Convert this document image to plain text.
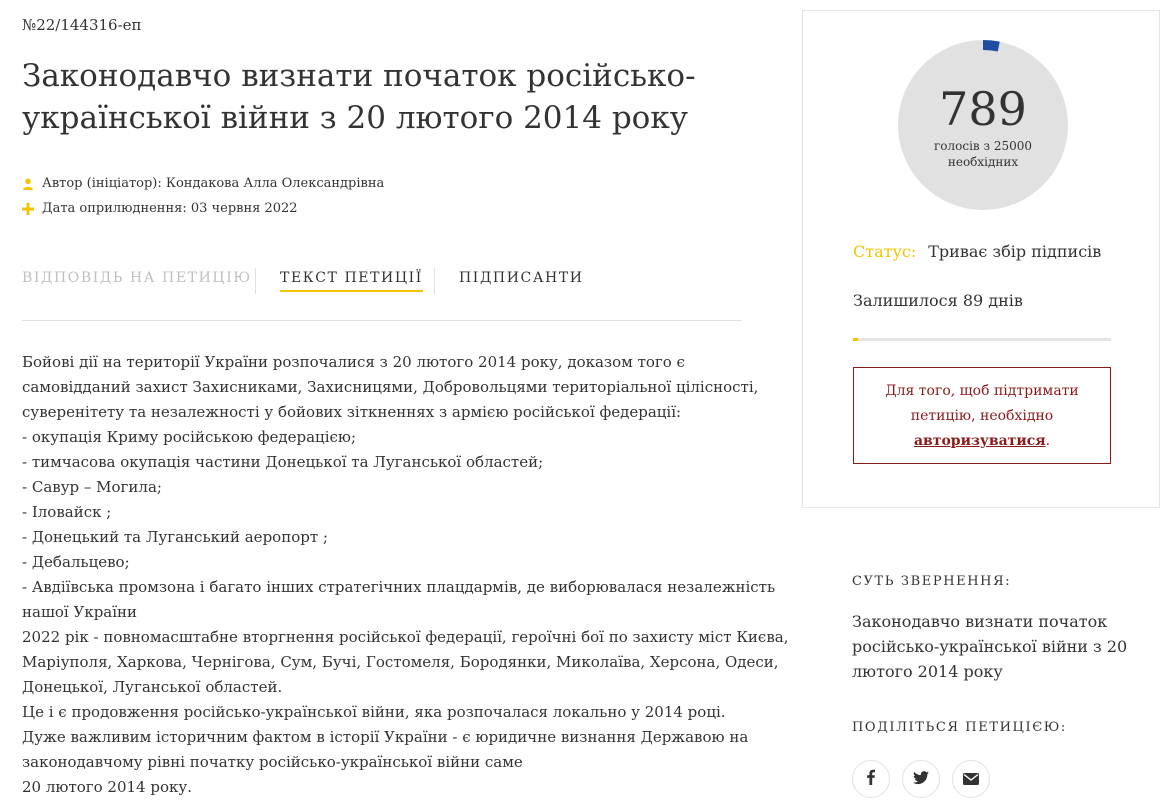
№22/144316-еп
Законодавчо визнати початок російсько-української війни з 20 лютого 2014 року
Автор (ініціатор):
Кондакова Алла Олександрівна
Дата оприлюднення:
03 червня 2022
ВІДПОВІДЬ НА ПЕТИЦІЮ ТЕКСТ ПЕТИЦІЇ	ПІДПИСАНТИ
Бойові дії на території України розпочалися з 20 лютого 2014 року, доказом того є
самовідданий захист Захисниками, Захисницями, Добровольцями територіальної цілісності,
суверенітету та незалежності у бойових зіткненнях з армією російської федерації:
- окупація Криму російською федерацією;
- тимчасова окупація частини Донецької та Луганської областей;
- Савур – Могила;
- Іловайск ;
- Донецький та Луганський аеропорт ;
- Дебальцево;
- Авдіївська промзона і багато інших стратегічних плацдармів, де виборювалася незалежність
нашої України
2022 рік - повномасштабне вторгнення російської федерації, героїчні бої по захисту міст Києва,
Маріуполя, Харкова, Чернігова, Сум, Бучі, Гостомеля, Бородянки, Миколаїва, Херсона, Одеси,
Донецької, Луганської областей.
Це і є продовження російсько-української війни, яка розпочалася локально у 2014 році.
Дуже важливим історичним фактом в історії України - є юридичне визнання Державою на
законодавчому рівні початку російсько-української війни саме
20 лютого 2014 року.
789
голосів з 25000
необхідних
Статус: Триває збір підписів
Залишилося 89 днів
Для того, щоб підтримати
петицію, необхідно
авторизуватися.
СУТЬ ЗВЕРНЕННЯ:
Законодавчо визнати початок російсько-української війни з 20 лютого 2014 року
ПОДІЛІТЬСЯ ПЕТИЦІЄЮ:
